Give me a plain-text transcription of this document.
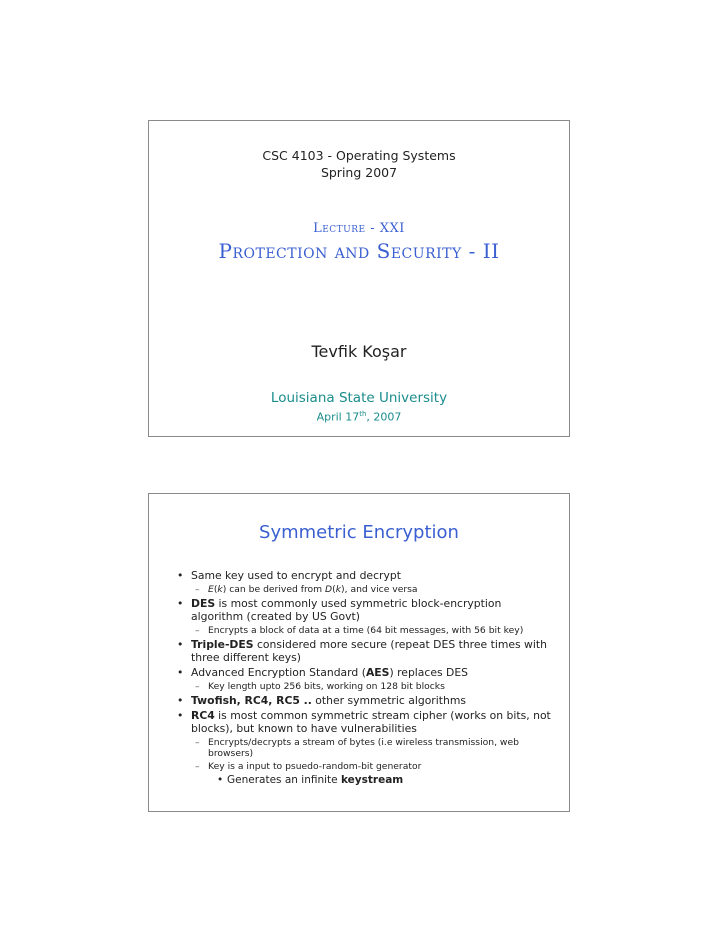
CSC 4103 - Operating Systems
Spring 2007
Lecture - XXI
Protection and Security - II
Tevfik Koşar
Louisiana State University
April 17th, 2007
Symmetric Encryption
• Same key used to encrypt and decrypt
– E(k) can be derived from D(k), and vice versa
• DES is most commonly used symmetric block-encryption algorithm (created by US Govt)
– Encrypts a block of data at a time (64 bit messages, with 56 bit key)
• Triple-DES considered more secure (repeat DES three times with three different keys)
• Advanced Encryption Standard (AES) replaces DES
– Key length upto 256 bits, working on 128 bit blocks
• Twofish, RC4, RC5 .. other symmetric algorithms
• RC4 is most common symmetric stream cipher (works on bits, not blocks), but known to have vulnerabilities
– Encrypts/decrypts a stream of bytes (i.e wireless transmission, web browsers)
– Key is a input to psuedo-random-bit generator
• Generates an infinite keystream
